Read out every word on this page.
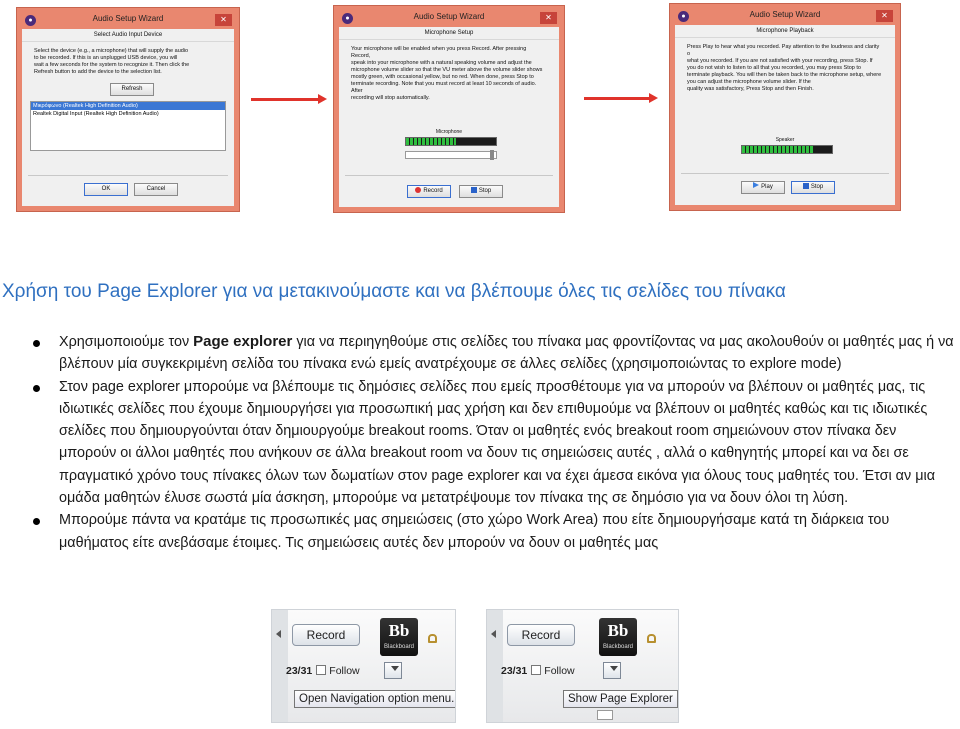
●	Audio Setup Wizard	✕
Select Audio Input Device

Select the device (e.g., a microphone) that will supply the audio

to be recorded. If this is an unplugged USB device, you will

wait a few seconds for the system to recognize it. Then click the

Refresh button to add the device to the selection list.

Refresh
Μικρόφωνο (Realtek High Definition Audio)
Realtek Digital Input (Realtek High Definition Audio)
OK	Cancel
●	Audio Setup Wizard	✕
Microphone Setup

Your microphone will be enabled when you press Record. After pressing Record,

speak into your microphone with a natural speaking volume and adjust the

microphone volume slider so that the VU meter above the volume slider shows

mostly green, with occasional yellow, but no red. When done, press Stop to

terminate recording. Note that you must record at least 10 seconds of audio. After

recording will stop automatically.

Microphone
Record	Stop
●	Audio Setup Wizard	✕
Microphone Playback

Press Play to hear what you recorded. Pay attention to the loudness and clarity o

what you recorded. If you are not satisfied with your recording, press Stop. If

you do not wish to listen to all that you recorded, you may press Stop to

terminate playback. You will then be taken back to the microphone setup, where

you can adjust the microphone volume slider. If the

quality was satisfactory, Press Stop and then Finish.

Speaker
Play	Stop
Χρήση του Page Explorer για να μετακινούμαστε και να βλέπουμε όλες τις σελίδες του πίνακα
Χρησιμοποιούμε τον Page explorer για να περιηγηθούμε στις σελίδες του πίνακα μας φροντίζοντας να μας ακολουθούν οι μαθητές μας ή να βλέπουν μία συγκεκριμένη σελίδα του πίνακα ενώ εμείς ανατρέχουμε σε άλλες σελίδες (χρησιμοποιώντας το explore mode)
Στον page explorer μπορούμε να βλέπουμε τις δημόσιες σελίδες που εμείς προσθέτουμε για να μπορούν να βλέπουν οι μαθητές μας, τις ιδιωτικές σελίδες που έχουμε δημιουργήσει για προσωπική μας χρήση και δεν επιθυμούμε να βλέπουν οι μαθητές καθώς και τις ιδιωτικές σελίδες που δημιουργούνται όταν δημιουργούμε breakout rooms. Όταν οι μαθητές ενός breakout room σημειώνουν στον πίνακα δεν μπορούν οι άλλοι μαθητές που ανήκουν σε άλλα breakout room να δουν τις σημειώσεις αυτές , αλλά ο καθηγητής μπορεί και να δει σε πραγματικό χρόνο τους πίνακες όλων των δωματίων στον page explorer και να έχει άμεσα εικόνα για όλους τους μαθητές του. Έτσι αν μια ομάδα μαθητών έλυσε σωστά μία άσκηση, μπορούμε να μετατρέψουμε τον πίνακα της σε δημόσιο για να δουν όλοι τη λύση.
Μπορούμε πάντα να κρατάμε τις προσωπικές μας σημειώσεις (στο χώρο Work Area) που είτε δημιουργήσαμε κατά τη διάρκεια του μαθήματος είτε ανεβάσαμε έτοιμες. Τις σημειώσεις αυτές δεν μπορούν να δουν οι μαθητές μας
Record	Bb
Blackboard
23/31 Follow
Open Navigation option menu.
Record	Bb
Blackboard
23/31 Follow
Show Page Explorer
